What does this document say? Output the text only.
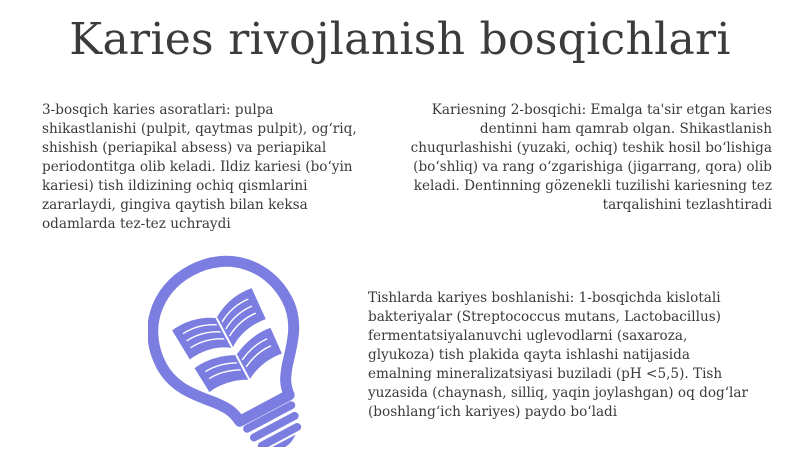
Karies rivojlanish bosqichlari
3-bosqich karies asoratlari: pulpa shikastlanishi (pulpit, qaytmas pulpit), og‘riq, shishish (periapikal absess) va periapikal periodontitga olib keladi. Ildiz kariesi (bo‘yin kariesi) tish ildizining ochiq qismlarini zararlaydi, gingiva qaytish bilan keksa odamlarda tez-tez uchraydi
Kariesning 2-bosqichi: Emalga ta'sir etgan karies dentinni ham qamrab olgan. Shikastlanish chuqurlashishi (yuzaki, ochiq) teshik hosil bo‘lishiga (bo‘shliq) va rang o‘zgarishiga (jigarrang, qora) olib keladi. Dentinning gözenekli tuzilishi kariesning tez tarqalishini tezlashtiradi
Tishlarda kariyes boshlanishi: 1-bosqichda kislotali bakteriyalar (Streptococcus mutans, Lactobacillus) fermentatsiyalanuvchi uglevodlarni (saxaroza, glyukoza) tish plakida qayta ishlashi natijasida emalning mineralizatsiyasi buziladi (pH <5,5). Tish yuzasida (chaynash, silliq, yaqin joylashgan) oq dog‘lar (boshlang‘ich kariyes) paydo bo‘ladi
